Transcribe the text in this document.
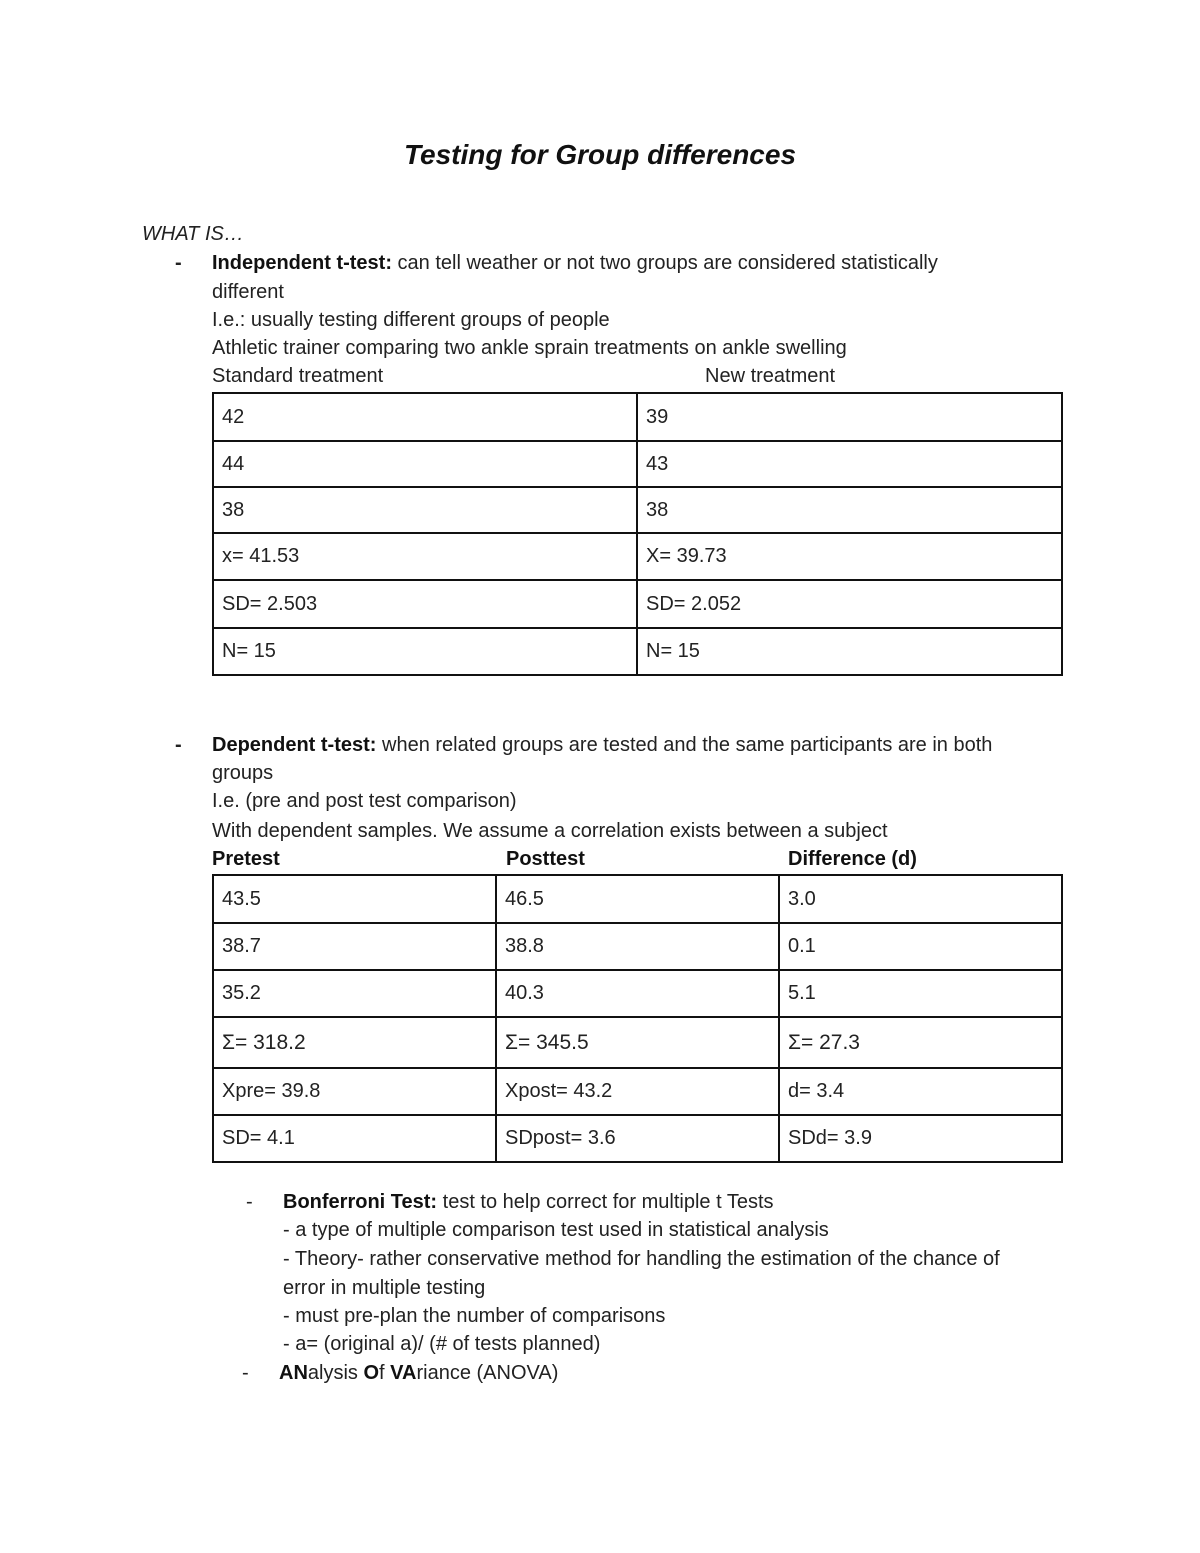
Testing for Group differences
WHAT IS…
- Independent t-test: can tell weather or not two groups are considered statistically
different
I.e.: usually testing different groups of people
Athletic trainer comparing two ankle sprain treatments on ankle swelling
Standard treatment	New treatment
42	39
44	43
38	38
x= 41.53	X= 39.73
SD= 2.503	SD= 2.052
N= 15	N= 15
- Dependent t-test: when related groups are tested and the same participants are in both
groups
I.e. (pre and post test comparison)
With dependent samples. We assume a correlation exists between a subject
Pretest	Posttest	Difference (d)
43.5	46.5	3.0
38.7	38.8	0.1
35.2	40.3	5.1
Σ= 318.2	Σ= 345.5	Σ= 27.3
Xpre= 39.8	Xpost= 43.2	d= 3.4
SD= 4.1	SDpost= 3.6	SDd= 3.9
- Bonferroni Test: test to help correct for multiple t Tests
- a type of multiple comparison test used in statistical analysis
- Theory- rather conservative method for handling the estimation of the chance of
error in multiple testing
- must pre-plan the number of comparisons
- a= (original a)/ (# of tests planned)
- ANalysis Of VAriance (ANOVA)
